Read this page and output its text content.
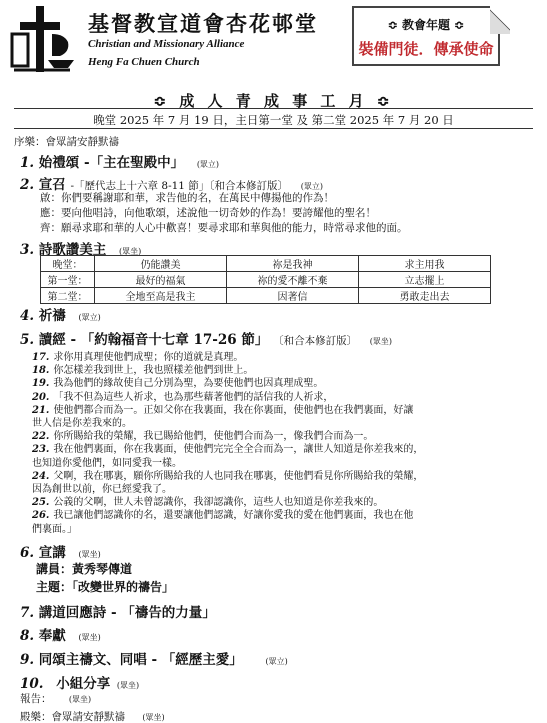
基督教宣道會杏花邨堂
Christian and Missionary Alliance
Heng Fa Chuen Church
≎ 教會年題 ≎
裝備門徒．傳承使命
≎ 成 人 青 成 事 工 月 ≎
晚堂 2025 年 7 月 19 日，主日第一堂 及 第二堂 2025 年 7 月 20 日
序樂：會眾請安靜默禱
1. 始禮頌 -「主在聖殿中」 (眾立)
2. 宣召 -「歷代志上十六章 8-11 節」〔和合本修訂版〕 (眾立)
啟：你們要稱謝耶和華，求告他的名，在萬民中傳揚他的作為！
應：要向他唱詩，向他歌頌，述說他一切奇妙的作為！要誇耀他的聖名！
齊：願尋求耶和華的人心中歡喜！要尋求耶和華與他的能力，時常尋求他的面。
3. 詩歌讚美主 (眾坐)
晚堂：	仍能讚美	祢是我神	求主用我
第一堂：	最好的福氣	祢的愛不離不棄	立志擺上
第二堂：	全地至高是我主	因著信	勇敢走出去
4. 祈禱 (眾立)
5. 讀經 - 「約翰福音十七章 17-26 節」 〔和合本修訂版〕 (眾坐)
17. 求你用真理使他們成聖；你的道就是真理。
18. 你怎樣差我到世上，我也照樣差他們到世上。
19. 我為他們的緣故使自己分別為聖，為要使他們也因真理成聖。
20. 「我不但為這些人祈求，也為那些藉著他們的話信我的人祈求，
21. 使他們都合而為一。正如父你在我裏面，我在你裏面，使他們也在我們裏面，好讓
世人信是你差我來的。
22. 你所賜給我的榮耀，我已賜給他們，使他們合而為一，像我們合而為一。
23. 我在他們裏面，你在我裏面，使他們完完全全合而為一，讓世人知道是你差我來的，
也知道你愛他們，如同愛我一樣。
24. 父啊，我在哪裏，願你所賜給我的人也同我在哪裏，使他們看見你所賜給我的榮耀，
因為創世以前，你已經愛我了。
25. 公義的父啊，世人未曾認識你，我卻認識你，這些人也知道是你差我來的。
26. 我已讓他們認識你的名，還要讓他們認識，好讓你愛我的愛在他們裏面，我也在他
們裏面。」
6. 宣講 (眾坐)
講員：黃秀琴傳道
主題：「改變世界的禱告」
7. 講道回應詩 - 「禱告的力量」
8. 奉獻 (眾坐)
9. 同頌主禱文、同唱 - 「經歷主愛」	(眾立)
10. 小組分享 (眾坐)
報告： (眾坐)
殿樂：會眾請安靜默禱 (眾坐)
